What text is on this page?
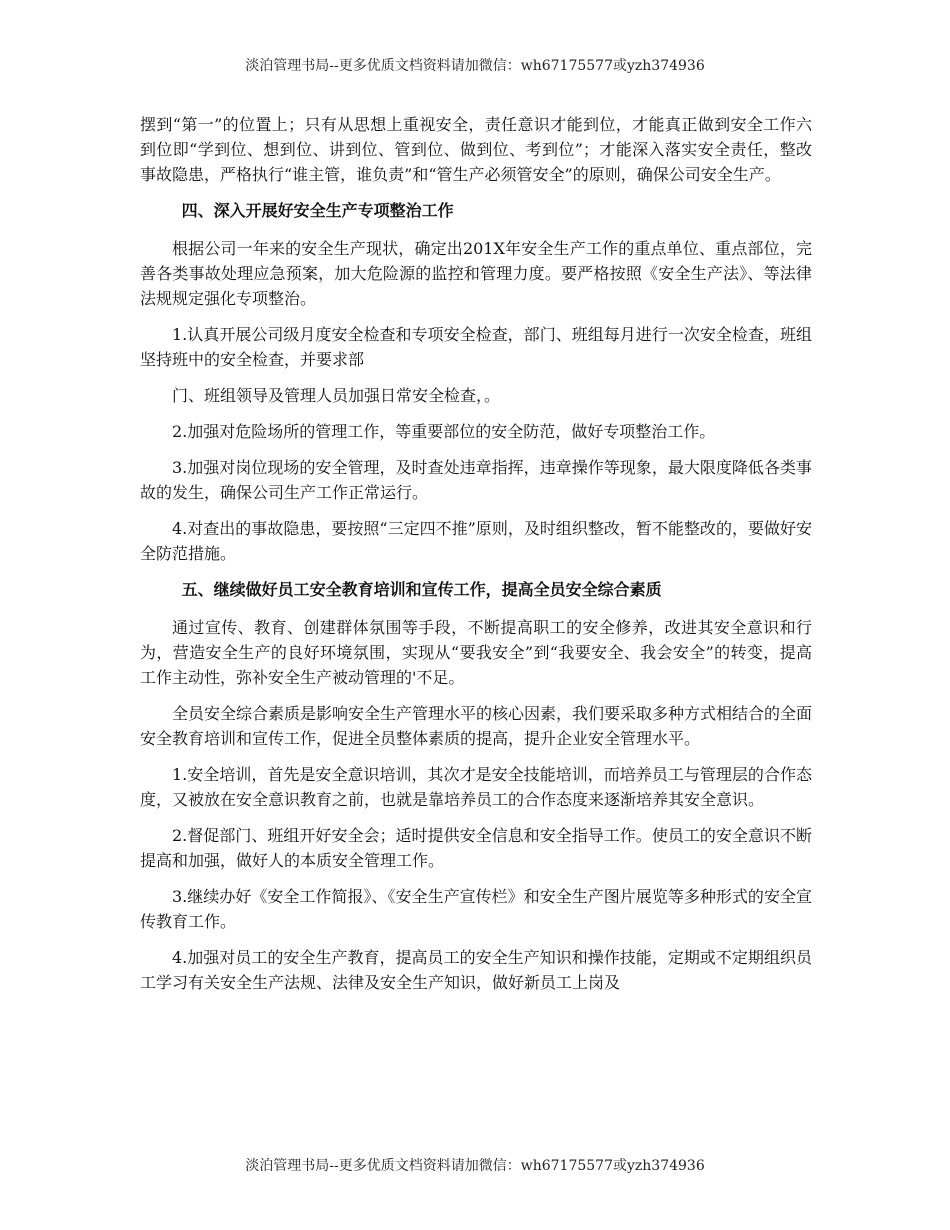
淡泊管理书局--更多优质文档资料请加微信：wh67175577或yzh374936

摆到“第一”的位置上；只有从思想上重视安全，责任意识才能到位，才能真正做到安全工作六到位即“学到位、想到位、讲到位、管到位、做到位、考到位”；才能深入落实安全责任，整改事故隐患，严格执行“谁主管，谁负责”和“管生产必须管安全”的原则，确保公司安全生产。

四、深入开展好安全生产专项整治工作

根据公司一年来的安全生产现状，确定出201X年安全生产工作的重点单位、重点部位，完善各类事故处理应急预案，加大危险源的监控和管理力度。要严格按照《安全生产法》、等法律法规规定强化专项整治。

1.认真开展公司级月度安全检查和专项安全检查，部门、班组每月进行一次安全检查，班组坚持班中的安全检查，并要求部

门、班组领导及管理人员加强日常安全检查，。

2.加强对危险场所的管理工作，等重要部位的安全防范，做好专项整治工作。

3.加强对岗位现场的安全管理，及时查处违章指挥，违章操作等现象，最大限度降低各类事故的发生，确保公司生产工作正常运行。

4.对查出的事故隐患，要按照“三定四不推”原则，及时组织整改，暂不能整改的，要做好安全防范措施。

五、继续做好员工安全教育培训和宣传工作，提高全员安全综合素质

通过宣传、教育、创建群体氛围等手段，不断提高职工的安全修养，改进其安全意识和行为，营造安全生产的良好环境氛围，实现从“要我安全”到“我要安全、我会安全”的转变，提高工作主动性，弥补安全生产被动管理的'不足。

全员安全综合素质是影响安全生产管理水平的核心因素，我们要采取多种方式相结合的全面安全教育培训和宣传工作，促进全员整体素质的提高，提升企业安全管理水平。

1.安全培训，首先是安全意识培训，其次才是安全技能培训，而培养员工与管理层的合作态度，又被放在安全意识教育之前，也就是靠培养员工的合作态度来逐渐培养其安全意识。

2.督促部门、班组开好安全会；适时提供安全信息和安全指导工作。使员工的安全意识不断提高和加强，做好人的本质安全管理工作。

3.继续办好《安全工作简报》、《安全生产宣传栏》和安全生产图片展览等多种形式的安全宣传教育工作。

4.加强对员工的安全生产教育，提高员工的安全生产知识和操作技能，定期或不定期组织员工学习有关安全生产法规、法律及安全生产知识，做好新员工上岗及

淡泊管理书局--更多优质文档资料请加微信：wh67175577或yzh374936
